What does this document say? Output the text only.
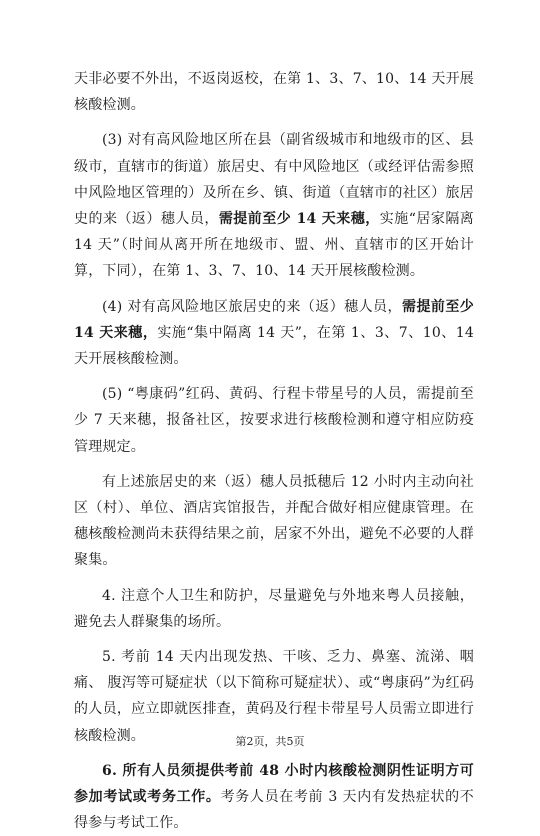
天非必要不外出，不返岗返校，在第 1、3、7、10、14 天开展核酸检测。

(3) 对有高风险地区所在县（副省级城市和地级市的区、县级市，直辖市的街道）旅居史、有中风险地区（或经评估需参照中风险地区管理的）及所在乡、镇、街道（直辖市的社区）旅居史的来（返）穗人员，需提前至少 14 天来穗，实施“居家隔离 14 天”（时间从离开所在地级市、盟、州、直辖市的区开始计算，下同），在第 1、3、7、10、14 天开展核酸检测。

(4) 对有高风险地区旅居史的来（返）穗人员，需提前至少 14 天来穗，实施“集中隔离 14 天”，在第 1、3、7、10、14 天开展核酸检测。

(5) “粤康码”红码、黄码、行程卡带星号的人员，需提前至少 7 天来穗，报备社区，按要求进行核酸检测和遵守相应防疫管理规定。

有上述旅居史的来（返）穗人员抵穗后 12 小时内主动向社区（村）、单位、酒店宾馆报告，并配合做好相应健康管理。在穗核酸检测尚未获得结果之前，居家不外出，避免不必要的人群聚集。

4. 注意个人卫生和防护，尽量避免与外地来粤人员接触，避免去人群聚集的场所。

5. 考前 14 天内出现发热、干咳、乏力、鼻塞、流涕、咽痛、 腹泻等可疑症状（以下简称可疑症状）、或“粤康码”为红码的人员，应立即就医排查，黄码及行程卡带星号人员需立即进行核酸检测。

6. 所有人员须提供考前 48 小时内核酸检测阴性证明方可参加考试或考务工作。考务人员在考前 3 天内有发热症状的不得参与考试工作。

第2页，共5页
